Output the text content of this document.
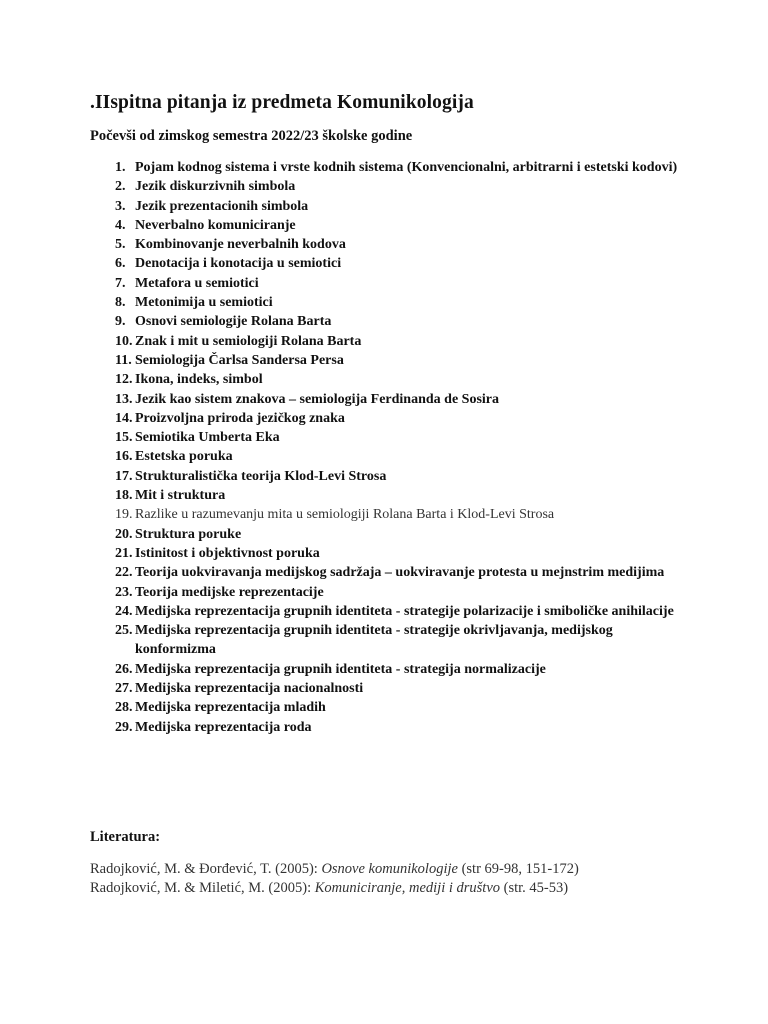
.IIspitna pitanja iz predmeta Komunikologija
Počevši od zimskog semestra 2022/23 školske godine
1. Pojam kodnog sistema i vrste kodnih sistema (Konvencionalni, arbitrarni i estetski kodovi)
2. Jezik diskurzivnih simbola
3. Jezik prezentacionih simbola
4. Neverbalno komuniciranje
5. Kombinovanje neverbalnih kodova
6. Denotacija i konotacija u semiotici
7. Metafora u semiotici
8. Metonimija u semiotici
9. Osnovi semiologije Rolana Barta
10. Znak i mit u semiologiji Rolana Barta
11. Semiologija Čarlsa Sandersa Persa
12. Ikona, indeks, simbol
13. Jezik kao sistem znakova – semiologija Ferdinanda de Sosira
14. Proizvoljna priroda jezičkog znaka
15. Semiotika Umberta Eka
16. Estetska poruka
17. Strukturalistička teorija Klod-Levi Strosa
18. Mit i struktura
19. Razlike u razumevanju mita u semiologiji Rolana Barta i Klod-Levi Strosa
20. Struktura poruke
21. Istinitost i objektivnost poruka
22. Teorija uokviravanja medijskog sadržaja – uokviravanje protesta u mejnstrim medijima
23. Teorija medijske reprezentacije
24. Medijska reprezentacija grupnih identiteta - strategije polarizacije i smiboličke anihilacije
25. Medijska reprezentacija grupnih identiteta - strategije okrivljavanja, medijskog konformizma
26. Medijska reprezentacija grupnih identiteta - strategija normalizacije
27. Medijska reprezentacija nacionalnosti
28. Medijska reprezentacija mladih
29. Medijska reprezentacija roda
Literatura:
Radojković, M. & Đorđević, T. (2005): Osnove komunikologije (str 69-98, 151-172)
Radojković, M. & Miletić, M. (2005): Komuniciranje, mediji i društvo (str. 45-53)
